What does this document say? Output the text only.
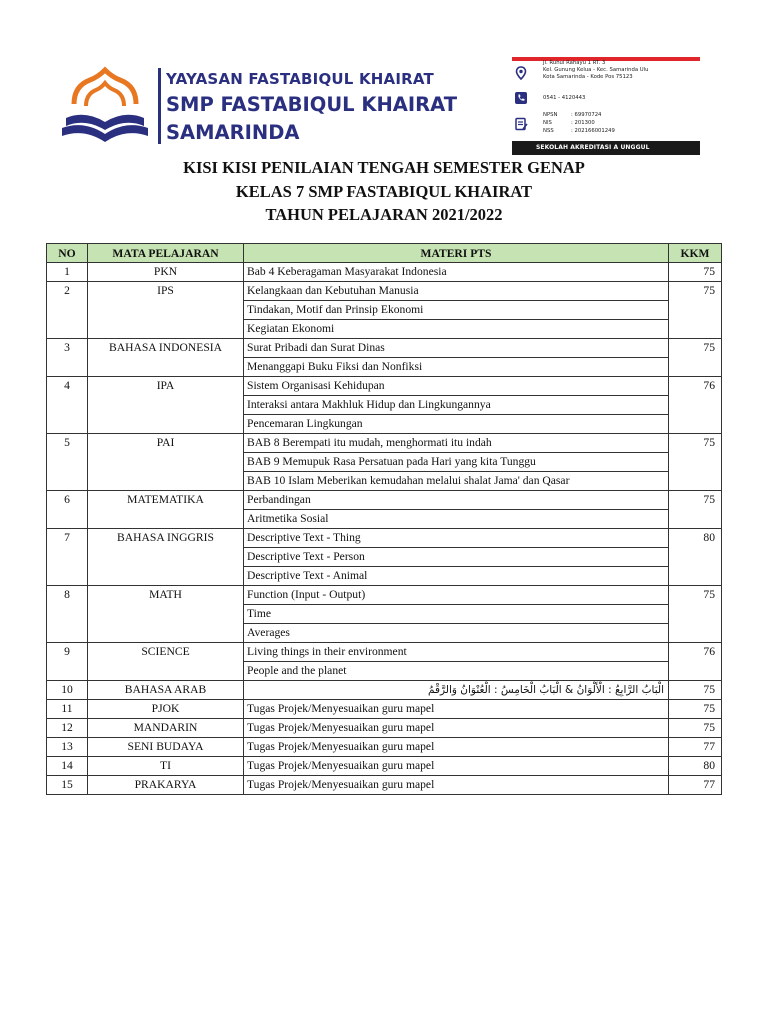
YAYASAN FASTABIQUL KHAIRAT
SMP FASTABIQUL KHAIRAT
SAMARINDA
Jl. Ruhui Rahayu 1 RT. 3
Kel. Gunung Kelua - Kec. Samarinda Ulu
Kota Samarinda - Kode Pos 75123
0541 - 4120443
NPSN	: 69970724
NIS	: 201300
NSS	: 202166001249
SEKOLAH AKREDITASI A UNGGUL
KISI KISI PENILAIAN TENGAH SEMESTER GENAP
KELAS 7 SMP FASTABIQUL KHAIRAT
TAHUN PELAJARAN 2021/2022
NO	MATA PELAJARAN	MATERI PTS	KKM
1	PKN	Bab 4 Keberagaman Masyarakat Indonesia	75
2	IPS	Kelangkaan dan Kebutuhan Manusia	75
		Tindakan, Motif dan Prinsip Ekonomi	
		Kegiatan Ekonomi	
3	BAHASA INDONESIA	Surat Pribadi dan Surat Dinas	75
		Menanggapi Buku Fiksi dan Nonfiksi	
4	IPA	Sistem Organisasi Kehidupan	76
		Interaksi antara Makhluk Hidup dan Lingkungannya	
		Pencemaran Lingkungan	
5	PAI	BAB 8 Berempati itu mudah, menghormati itu indah	75
		BAB 9 Memupuk Rasa Persatuan pada Hari yang kita Tunggu	
		BAB 10 Islam Meberikan kemudahan melalui shalat Jama' dan Qasar	
6	MATEMATIKA	Perbandingan	75
		Aritmetika Sosial	
7	BAHASA INGGRIS	Descriptive Text - Thing	80
		Descriptive Text - Person	
		Descriptive Text - Animal	
8	MATH	Function (Input - Output)	75
		Time	
		Averages	
9	SCIENCE	Living things in their environment	76
		People and the planet	
10	BAHASA ARAB	الْبَابُ الرَّابِعُ : الْأَلْوَانُ & الْبَابُ الْخَامِسُ : الْعُنْوَانُ وَالرَّقْمُ	75
11	PJOK	Tugas Projek/Menyesuaikan guru mapel	75
12	MANDARIN	Tugas Projek/Menyesuaikan guru mapel	75
13	SENI BUDAYA	Tugas Projek/Menyesuaikan guru mapel	77
14	TI	Tugas Projek/Menyesuaikan guru mapel	80
15	PRAKARYA	Tugas Projek/Menyesuaikan guru mapel	77
